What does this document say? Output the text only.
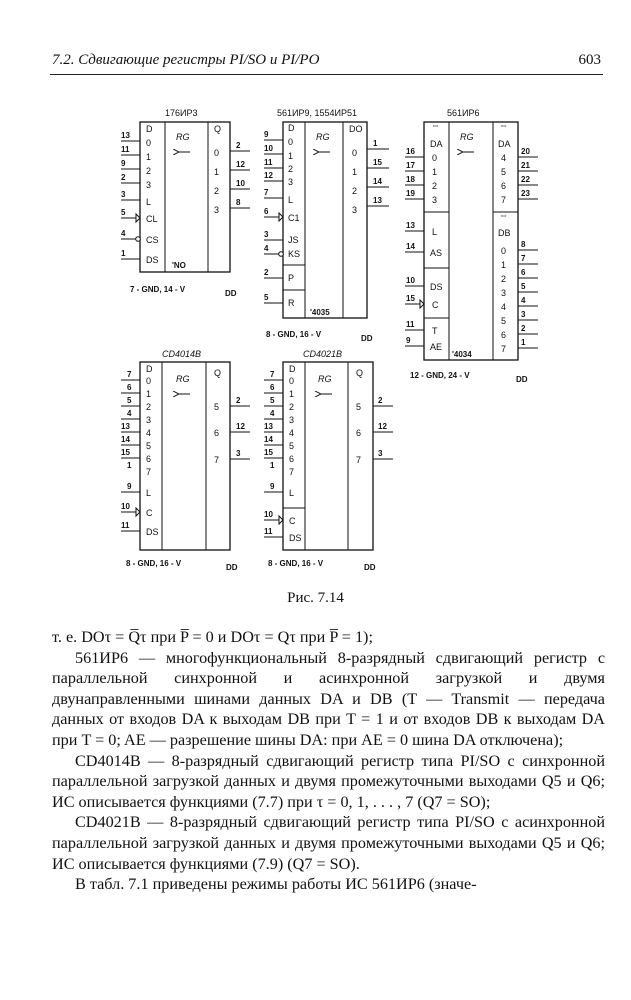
7.2. Сдвигающие регистры PI/SO и PI/PO	603
176ИР3
D
0
1
2
3
L
CL
CS
DS
RG
Q
0
1
2
3
'NO
13
11
9
2
3
5
4
1
2
12
10
8
7 - GND, 14 - V	DD
561ИР9, 1554ИР51
D
0
1
2
3
L
C1
JS
KS
P
R
RG
DO
0
1
2
3
'4035
9
10
11
12
7
6
3
4
2
5
1
15
14
13
8 - GND, 16 - V	DD
561ИР6
⇔	⇔
⇔
DA
0
1
2
3
L
AS
DS
C
T
AE
RG
DA
4
5
6
7
DB
0
1
2
3
4
5
6
7
'4034
16
17
18
19
13
14
10
15
11
9
20
21
22
23
8
7
6
5
4
3
2
1
12 - GND, 24 - V	DD
CD4014B
D
0
1
2
3
4
5
6
7
L
C
DS
RG
Q
5
6
7
7
6
5
4
13
14
15
1
9
10
11
2
12
3
8 - GND, 16 - V	DD
CD4021B
D
0
1
2
3
4
5
6
7
L
C
DS
RG
Q
5
6
7
7
6
5
4
13
14
15
1
9
10
11
2
12
3
8 - GND, 16 - V	DD
Рис. 7.14

т. е. DOτ = Q̅τ при P̅ = 0 и DOτ = Qτ при P̅ = 1);

561ИР6 — многофункциональный 8-разрядный сдвигающий регистр с параллельной синхронной и асинхронной загрузкой и двумя двунаправленными шинами данных DA и DB (T — Transmit — передача данных от входов DA к выходам DB при T = 1 и от входов DB к выходам DA при T = 0; AE — разрешение шины DA: при AE = 0 шина DA отключена);

CD4014B — 8-разрядный сдвигающий регистр типа PI/SO с синхронной параллельной загрузкой данных и двумя промежуточными выходами Q5 и Q6; ИС описывается функциями (7.7) при τ = 0, 1, . . . , 7 (Q7 = SO);

CD4021B — 8-разрядный сдвигающий регистр типа PI/SO с асинхронной параллельной загрузкой данных и двумя промежуточными выходами Q5 и Q6; ИС описывается функциями (7.9) (Q7 = SO).

В табл. 7.1 приведены режимы работы ИС 561ИР6 (значе-
